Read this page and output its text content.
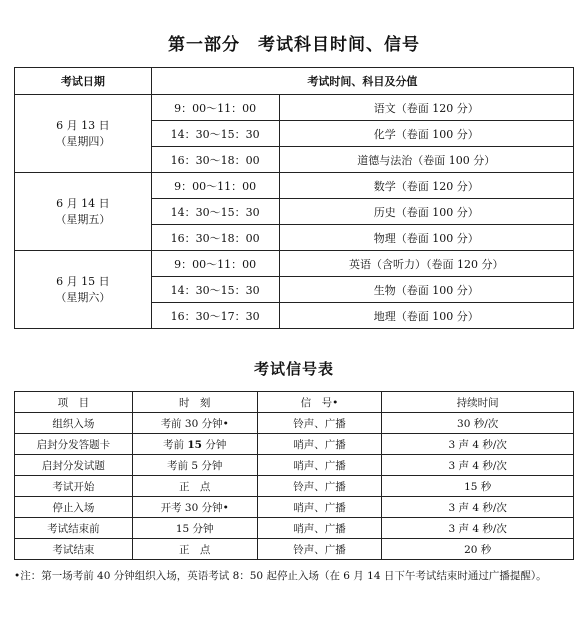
第一部分　考试科目时间、信号
考试日期	考试时间、科目及分值	

6 月 13 日
（星期四）	9：00～11：00	语文（卷面 120 分）
	14：30～15：30	化学（卷面 100 分）
	16：30～18：00	道德与法治（卷面 100 分）

6 月 14 日
（星期五）	9：00～11：00	数学（卷面 120 分）
	14：30～15：30	历史（卷面 100 分）
	16：30～18：00	物理（卷面 100 分）

6 月 15 日
（星期六）	9：00～11：00	英语（含听力）（卷面 120 分）
	14：30～15：30	生物（卷面 100 分）
	16：30～17：30	地理（卷面 100 分）
考试信号表
项　目	时　刻	信　号•	持续时间
组织入场	考前 30 分钟•	铃声、广播	30 秒/次
启封分发答题卡	考前 15 分钟	哨声、广播	3 声 4 秒/次
启封分发试题	考前 5 分钟	哨声、广播	3 声 4 秒/次
考试开始	正　点	铃声、广播	15 秒
停止入场	开考 30 分钟•	哨声、广播	3 声 4 秒/次
考试结束前	15 分钟	哨声、广播	3 声 4 秒/次
考试结束	正　点	铃声、广播	20 秒
•注：第一场考前 40 分钟组织入场，英语考试 8：50 起停止入场（在 6 月 14 日下午考试结束时通过广播提醒）。
